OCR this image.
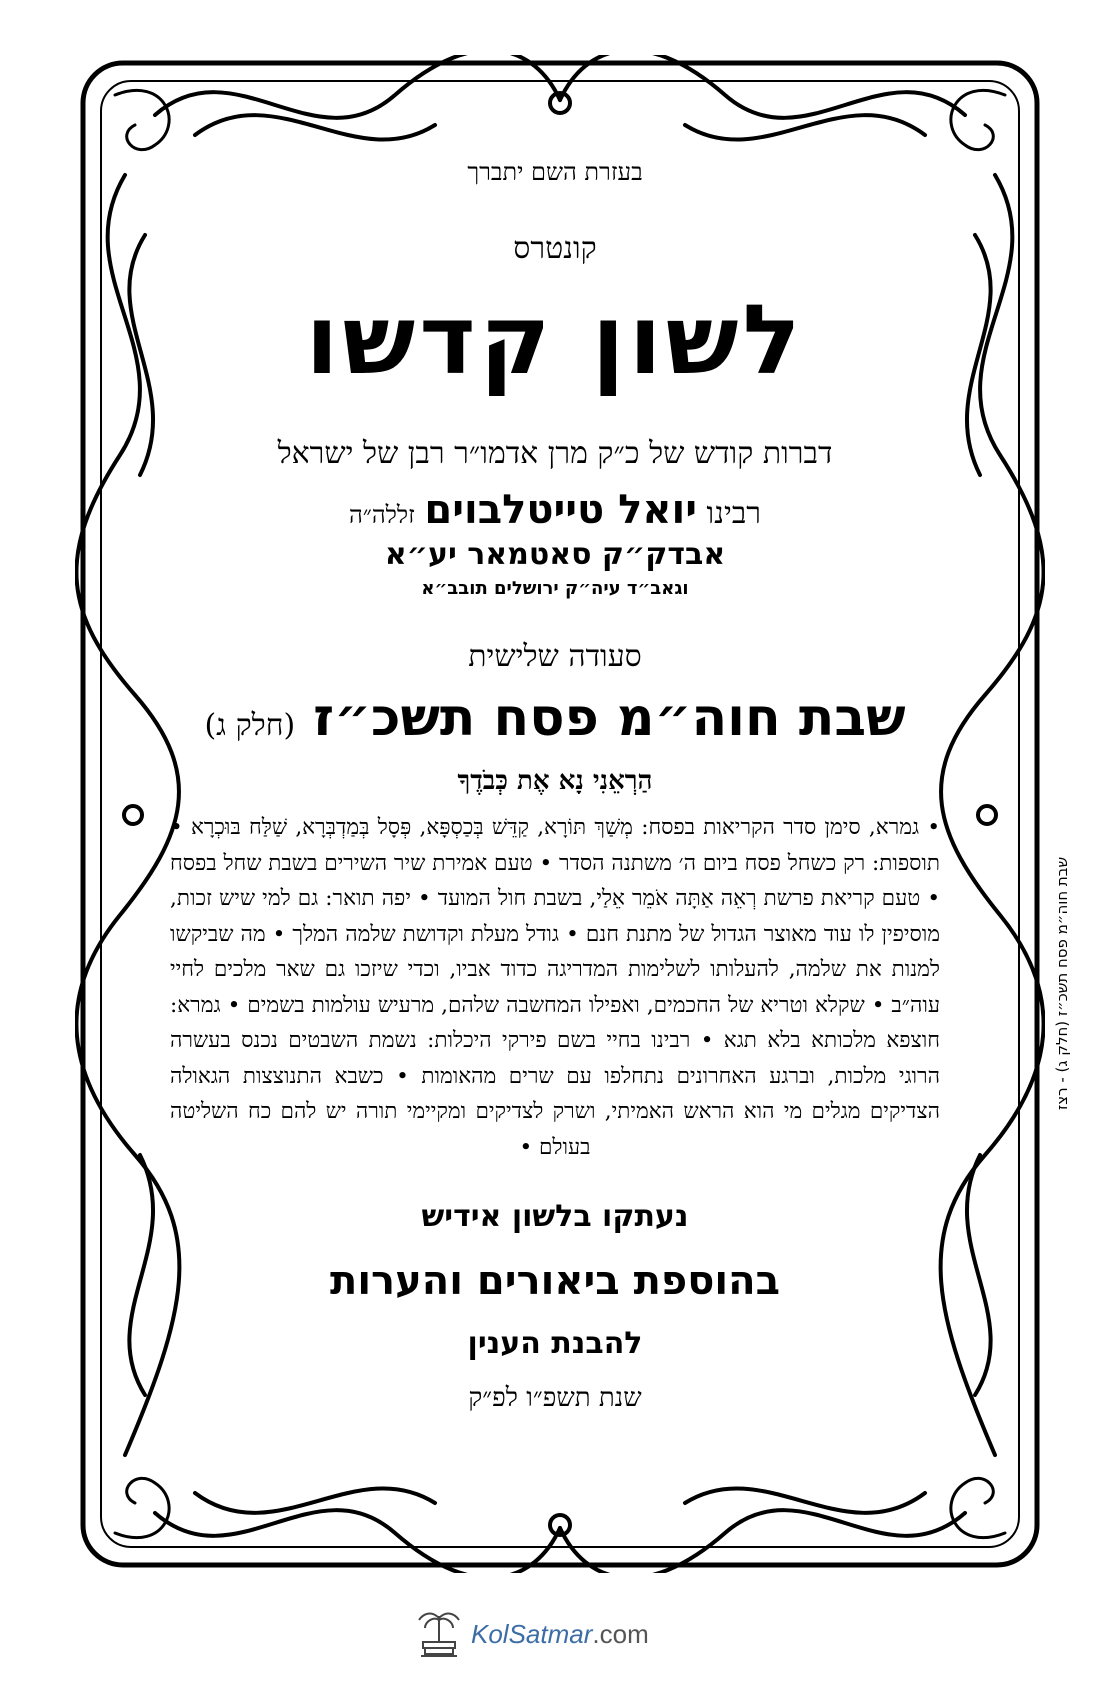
בעזרת השם יתברך

קונטרס

לשון קדשו

דברות קודש של כ״ק מרן אדמו״ר רבן של ישראל

רבינו יואל טייטלבוים זללה״ה

אבדק״ק סאטמאר יע״א

וגאב״ד עיה״ק ירושלים תובב״א

סעודה שלישית

שבת חוה״מ פסח תשכ״ז (חלק ג)

הַרְאֵנִי נָא אֶת כְּבֹדֶךָ

• גמרא, סימן סדר הקריאות בפסח: מְשַׁךְ תּוֹרָא, קַדֵּשׁ בְּכַסְפָּא, פְּסָל בְּמַדְבְּרָא, שַׁלַּח בּוּכְרָא • תוספות: רק כשחל פסח ביום ה׳ משתנה הסדר • טעם אמירת שיר השירים בשבת שחל בפסח • טעם קריאת פרשת רְאֵה אַתָּה אֹמֵר אֵלַי, בשבת חול המועד • יפה תואר: גם למי שיש זכות, מוסיפין לו עוד מאוצר הגדול של מתנת חנם • גודל מעלת וקדושת שלמה המלך • מה שביקשו למנות את שלמה, להעלותו לשלימות המדריגה כדוד אביו, וכדי שיזכו גם שאר מלכים לחיי עוה״ב • שקלא וטריא של החכמים, ואפילו המחשבה שלהם, מרעיש עולמות בשמים • גמרא: חוצפא מלכותא בלא תגא • רבינו בחיי בשם פירקי היכלות: נשמת השבטים נכנס בעשרה הרוגי מלכות, וברגע האחרונים נתחלפו עם שרים מהאומות • כשבא התנוצצות הגאולה הצדיקים מגלים מי הוא הראש האמיתי, ושרק לצדיקים ומקיימי תורה יש להם כח השליטה בעולם •

נעתקו בלשון אידיש

בהוספת ביאורים והערות

להבנת הענין

שנת תשפ״ו לפ״ק

שבת חוה״מ פסח תשכ״ז (חלק ג) - רצז
KolSatmar.com
